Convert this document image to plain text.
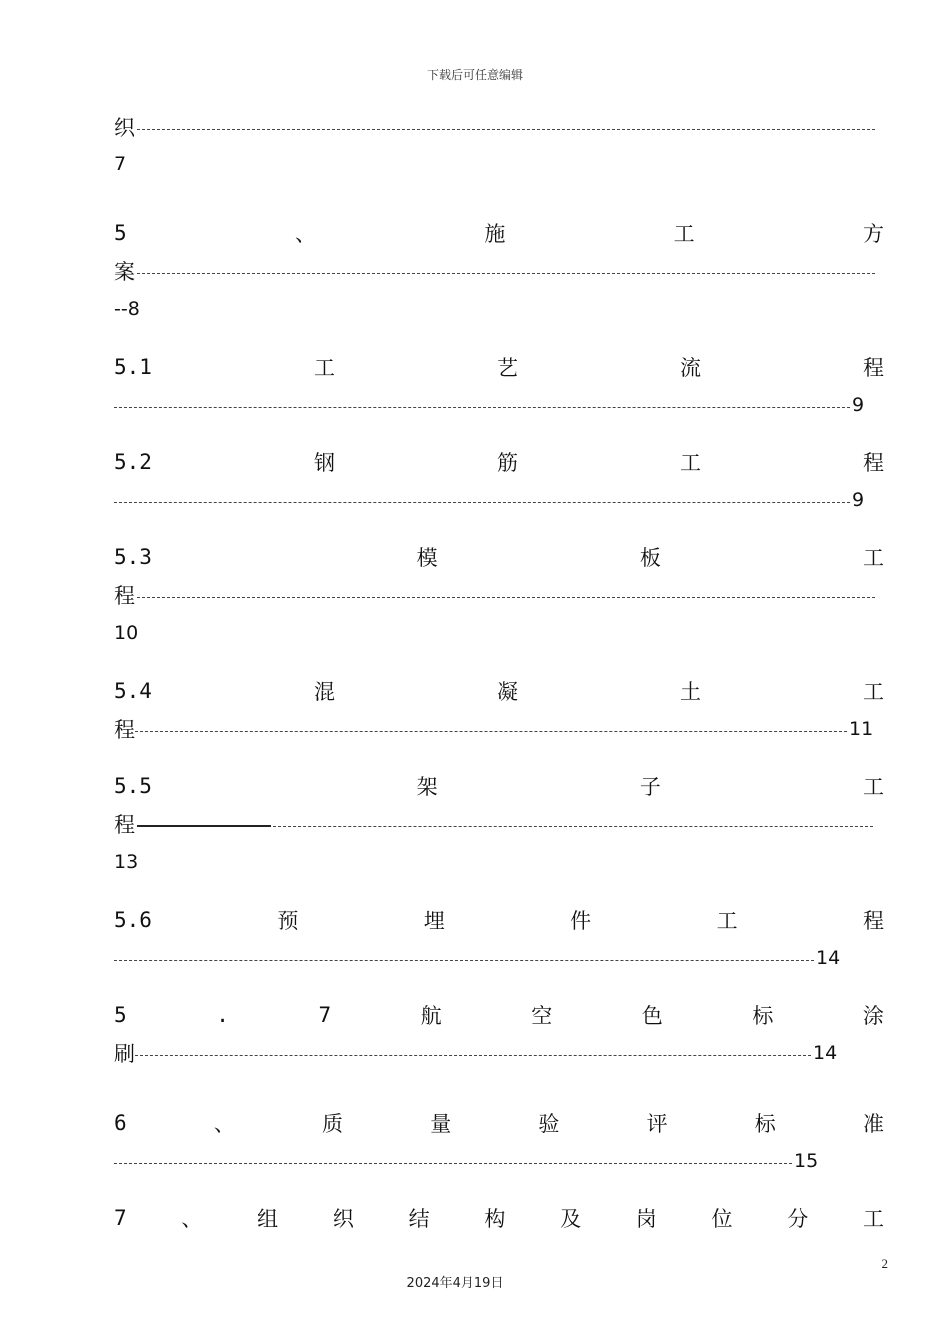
下载后可任意编辑
织
7
5	、	施	工	方
案
--8
5.1	工	艺	流	程
9
5.2	钢	筋	工	程
9
5.3	模	板	工
程
10
5.4	混	凝	土	工
程	11
5.5	架	子	工
程
13
5.6	预	埋	件	工	程
14
5	.	7	航	空	色	标	涂
刷	14
6	、	质	量	验	评	标	准
15
7	、	组	织	结	构	及	岗	位	分	工
2
2024年4月19日
